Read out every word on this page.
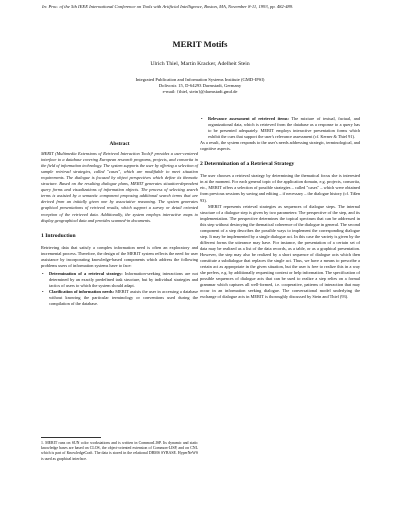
In: Proc. of the 5th IEEE International Conference on Tools with Artificial Intelligence, Boston, MA, November 8-11, 1993, pp. 482-489.
MERIT Motifs
Ulrich Thiel, Martin Kracker, Adelheit Stein
Integrated Publication and Information Systems Institute (GMD-IPSI)
Dolivostr. 15, D-64293 Darmstadt, Germany
e-mail: {thiel, stein}@darmstadt.gmd.de
Abstract

MERIT (Multimedia Extensions of Retrieval Interaction Tools)¹ provides a user-centered interface to a database covering European research programs, projects, and consortia in the field of information technology. The system supports the user by offering a selection of sample retrieval strategies, called "cases", which are modifiable to meet situation requirements. The dialogue is focused by object perspectives which define its thematic structure. Based on the resulting dialogue plans, MERIT generates situation-dependent query forms and visualizations of information objects. The process of selecting search terms is assisted by a semantic component proposing additional search terms that are derived from an initially given one by associative reasoning. The system generates graphical presentations of retrieval results, which support a survey or detail oriented reception of the retrieved data. Additionally, the system employs interactive maps to display geographical data and provides scanned-in documents.

1 Introduction

Retrieving data that satisfy a complex information need is often an exploratory and incremental process. Therefore, the design of the MERIT system reflects the need for user assistance by incorporating knowledge-based components which address the following problems users of information systems have to face:

• Determination of a retrieval strategy: Information-seeking interactions are not determined by an exactly predefined task structure, but by individual strategies and tactics of users to which the system should adapt.
• Clarification of information needs: MERIT assists the user in accessing a database without knowing the particular terminology or conventions used during the compilation of the database.
1. MERIT runs on SUN color workstations and is written in CommonLISP. Its dynamic and static knowledge bases are based on CLOS, the object-oriented extension of Common-LISP, and on CNL which is part of KnowledgeCraft. The data is stored in the relational DBMS SYBASE. HyperNeWS is used as graphical interface.
• Relevance assessment of retrieved items: The mixture of textual, factual, and organizational data, which is retrieved from the database as a response to a query has to be presented adequately. MERIT employs interactive presentation forms which exhibit the cues that support the user's relevance assessment (cf. Kerner & Thiel 91).

As a result, the system responds to the user's needs addressing strategic, terminological, and cognitive aspects.

2 Determination of a Retrieval Strategy

The user chooses a retrieval strategy by determining the thematical focus she is interested in at the moment. For each general topic of the application domain, e.g. projects, consortia, etc., MERIT offers a selection of possible strategies – called "cases" – which were obtained from previous sessions by saving and editing – if necessary – the dialogue history (cf. Tißen 93).

MERIT represents retrieval strategies as sequences of dialogue steps. The internal structure of a dialogue step is given by two parameters: The perspective of the step, and its implementation. The perspective determines the topical spectrum that can be addressed in this step without destroying the thematical coherence of the dialogue in general. The second component of a step describes the possible ways to implement the corresponding dialogue step. It may be implemented by a single dialogue act. In this case the variety is given by the different forms the utterance may have. For instance, the presentation of a certain set of data may be realized as a list of the data records, as a table, or as a graphical presentation. However, the step may also be realized by a short sequence of dialogue acts which then constitute a subdialogue that replaces the single act. Thus, we have a means to prescribe a certain act as appropriate in the given situation, but the user is free to realize this in a way she prefers, e.g. by additionally requesting context or help information. The specification of possible sequences of dialogue acts that can be used to realize a step relies on a formal grammar which captures all well-formed, i.e. cooperative, patterns of interaction that may occur in an information seeking dialogue. The conversational model underlying the exchange of dialogue acts in MERIT is thoroughly discussed by Stein and Thiel (93).
